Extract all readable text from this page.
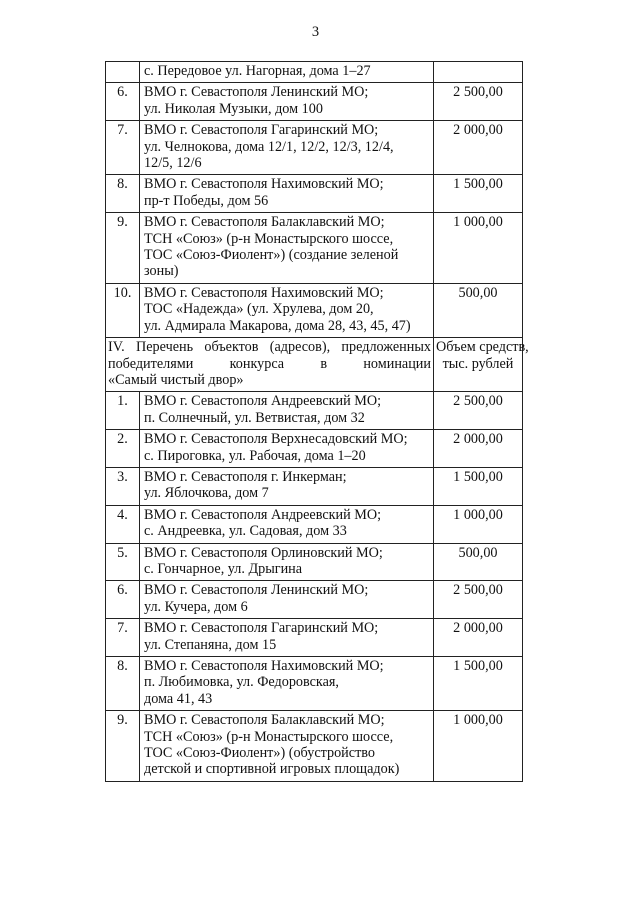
3

	с. Передовое ул. Нагорная, дома 1–27	

6.	ВМО г. Севастополя Ленинский МО;
ул. Николая Музыки, дом 100	2 500,00
7.	ВМО г. Севастополя Гагаринский МО;
ул. Челнокова, дома 12/1, 12/2, 12/3, 12/4,
12/5, 12/6	2 000,00
8.	ВМО г. Севастополя Нахимовский МО;
пр-т Победы, дом 56	1 500,00
9.	ВМО г. Севастополя Балаклавский МО;
ТСН «Союз» (р-н Монастырского шоссе,
ТОС «Союз-Фиолент») (создание зеленой
зоны)	1 000,00
10.	ВМО г. Севастополя Нахимовский МО;
ТОС «Надежда» (ул. Хрулева, дом 20,
ул. Адмирала Макарова, дома 28, 43, 45, 47)	500,00

IV. Перечень объектов (адресов), предложенных
победителями конкурса в номинации
«Самый чистый двор»		Объем средств,
тыс. рублей

1.	ВМО г. Севастополя Андреевский МО;
п. Солнечный, ул. Ветвистая, дом 32	2 500,00
2.	ВМО г. Севастополя Верхнесадовский МО;
с. Пироговка, ул. Рабочая, дома 1–20	2 000,00
3.	ВМО г. Севастополя г. Инкерман;
ул. Яблочкова, дом 7	1 500,00
4.	ВМО г. Севастополя Андреевский МО;
с. Андреевка, ул. Садовая, дом 33	1 000,00
5.	ВМО г. Севастополя Орлиновский МО;
с. Гончарное, ул. Дрыгина	500,00
6.	ВМО г. Севастополя Ленинский МО;
ул. Кучера, дом 6	2 500,00
7.	ВМО г. Севастополя Гагаринский МО;
ул. Степаняна, дом 15	2 000,00
8.	ВМО г. Севастополя Нахимовский МО;
п. Любимовка, ул. Федоровская,
дома 41, 43	1 500,00
9.	ВМО г. Севастополя Балаклавский МО;
ТСН «Союз» (р-н Монастырского шоссе,
ТОС «Союз-Фиолент») (обустройство
детской и спортивной игровых площадок)	1 000,00
